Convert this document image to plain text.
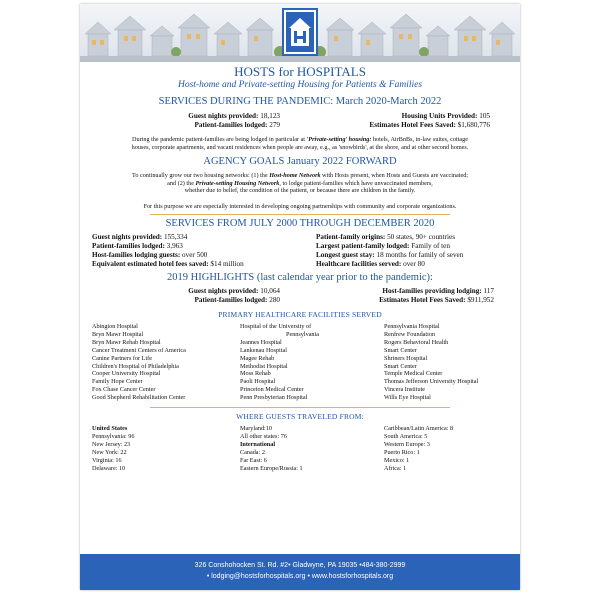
HOSTS for HOSPITALS
Host-home and Private-setting Housing for Patients & Families
SERVICES DURING THE PANDEMIC: March 2020-March 2022
Guest nights provided: 18,123
Patient-families lodged: 279
Housing Units Provided: 105
Estimates Hotel Fees Saved: $1,680,776
During the pandemic patient-families are being lodged in particular at 'Private-setting' housing: hotels, AirBnBs, in-law suites, cottage
houses, corporate apartments, and vacant residences when people are away, e.g., as 'snowbirds', at the shore, and at other second homes.
AGENCY GOALS January 2022 FORWARD
To continually grow our two housing networks: (1) the Host-home Network with Hosts present, when Hosts and Guests are vaccinated;
and (2) the Private-setting Housing Network, to lodge patient-families which have unvaccinated members,
whether due to belief, the condition of the patient, or because there are children in the family.
For this purpose we are especially interested in developing ongoing partnerships with community and corporate organizations.
SERVICES FROM JULY 2000 THROUGH DECEMBER 2020
Guest nights provided: 155,334
Patient-families lodged: 3,963
Host-families lodging guests: over 500
Equivalent estimated hotel fees saved: $14 million
Patient-family origins: 50 states, 90+ countries
Largest patient-family lodged: Family of ten
Longest guest stay: 18 months for family of seven
Healthcare facilities served: over 80
2019 HIGHLIGHTS (last calendar year prior to the pandemic):
Guest nights provided: 10,064
Patient-families lodged: 280
Host-families providing lodging: 117
Estimates Hotel Fees Saved: $911,952
PRIMARY HEALTHCARE FACILITIES SERVED
Abington Hospital
Bryn Mawr Hospital
Bryn Mawr Rehab Hospital
Cancer Treatment Centers of America
Canine Partners for Life
Children's Hospital of Philadelphia
Cooper University Hospital
Family Hope Center
Fox Chase Cancer Center
Good Shepherd Rehabilitation Center
Hospital of the University of
Pennsylvania
Jeannes Hospital
Lankenau Hospital
Magee Rehab
Methodist Hospital
Moss Rehab
Paoli Hospital
Princeton Medical Center
Penn Presbyterian Hospital
Pennsylvania Hospital
Renfrew Foundation
Rogers Behavioral Health
Smart Center
Shriners Hospital
Smart Center
Temple Medical Center
Thomas Jefferson University Hospital
Vincera Institute
Wills Eye Hospital
WHERE GUESTS TRAVELED FROM:
United States
Pennsylvania: 96
New Jersey: 23
New York: 22
Virginia: 16
Delaware: 10
Maryland:10
All other states: 76
International
Canada: 2
Far East: 6
Eastern Europe/Russia: 1
Caribbean/Latin America: 8
South America: 5
Western Europe: 3
Puerto Rico: 1
Mexico: 1
Africa: 1
326 Conshohocken St. Rd. #2• Gladwyne, PA 19035 •484-380-2999
• lodging@hostsforhospitals.org • www.hostsforhospitals.org
